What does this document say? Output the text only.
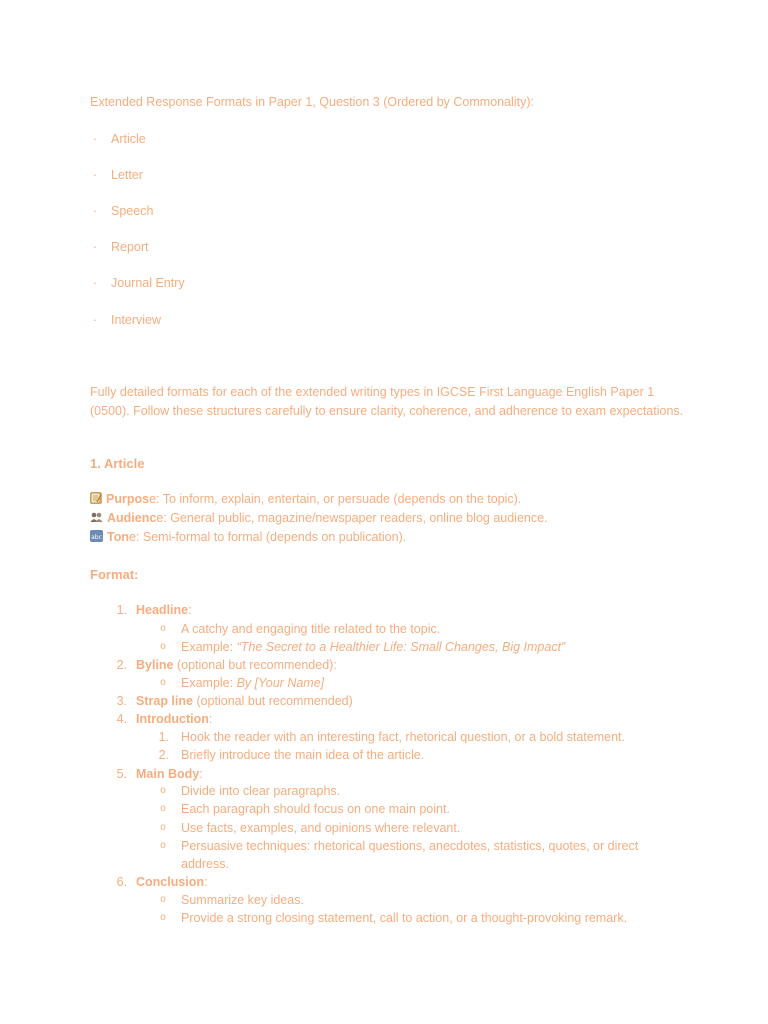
Extended Response Formats in Paper 1, Question 3 (Ordered by Commonality):
· Article
· Letter
· Speech
· Report
· Journal Entry
· Interview
Fully detailed formats for each of the extended writing types in IGCSE First Language English Paper 1 (0500). Follow these structures carefully to ensure clarity, coherence, and adherence to exam expectations.
1. Article
Purpose: To inform, explain, entertain, or persuade (depends on the topic).
Audience: General public, magazine/newspaper readers, online blog audience.
abc Tone: Semi-formal to formal (depends on publication).
Format:
1. Headline:
o A catchy and engaging title related to the topic.
o Example: “The Secret to a Healthier Life: Small Changes, Big Impact”
2. Byline (optional but recommended):
o Example: By [Your Name]
3. Strap line (optional but recommended)
4. Introduction:
1. Hook the reader with an interesting fact, rhetorical question, or a bold statement.
2. Briefly introduce the main idea of the article.
5. Main Body:
o Divide into clear paragraphs.
o Each paragraph should focus on one main point.
o Use facts, examples, and opinions where relevant.
o Persuasive techniques: rhetorical questions, anecdotes, statistics, quotes, or direct
address.
6. Conclusion:
o Summarize key ideas.
o Provide a strong closing statement, call to action, or a thought-provoking remark.
